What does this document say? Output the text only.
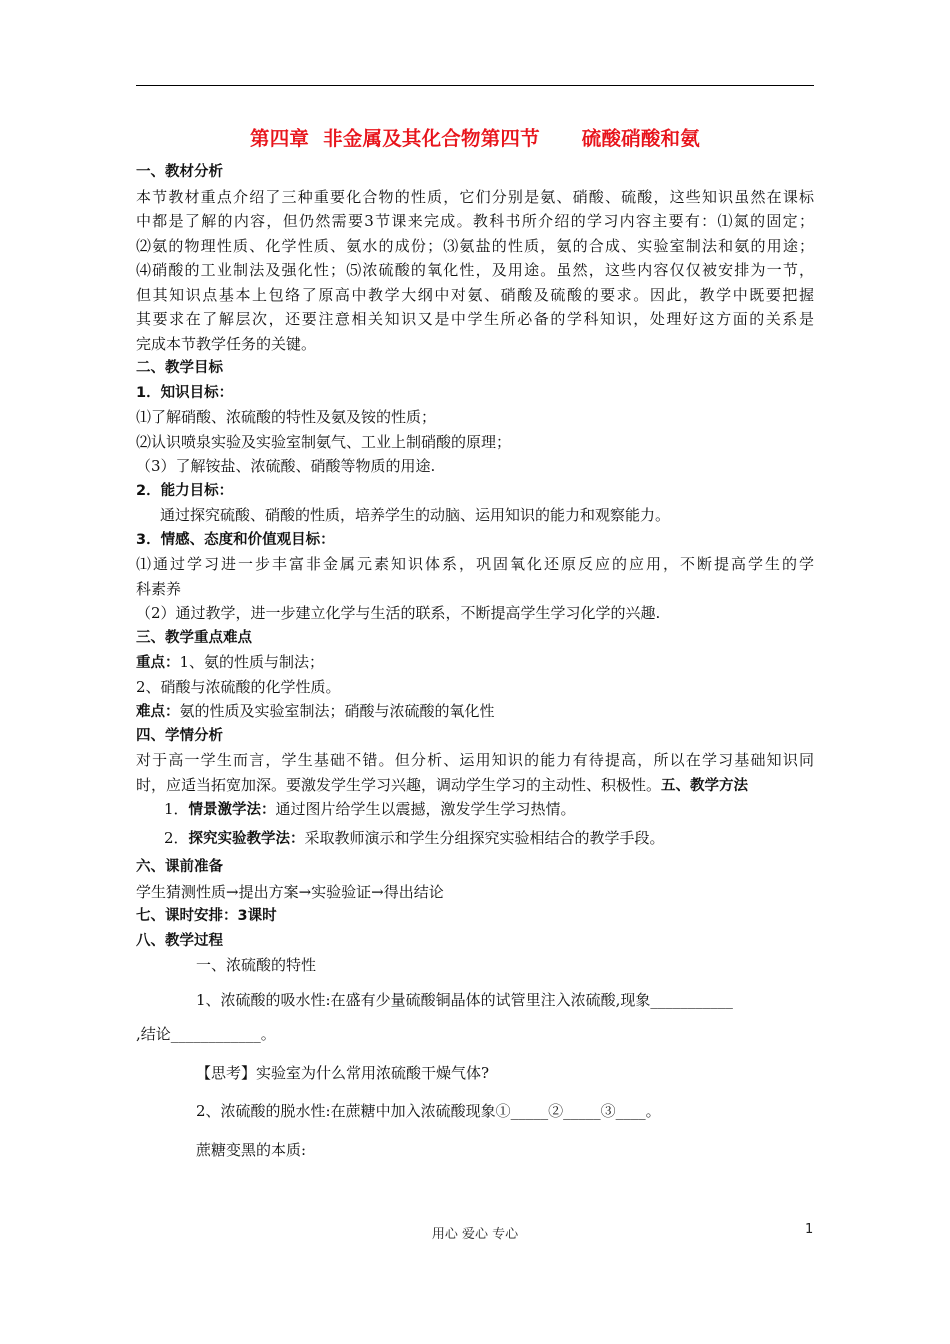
第四章  非金属及其化合物第四节      硫酸硝酸和氨
一、教材分析
本节教材重点介绍了三种重要化合物的性质，它们分别是氨、硝酸、硫酸，这些知识虽然在课标
中都是了解的内容，但仍然需要3节课来完成。教科书所介绍的学习内容主要有：⑴氮的固定；
⑵氨的物理性质、化学性质、氨水的成份；⑶氨盐的性质，氨的合成、实验室制法和氨的用途；
⑷硝酸的工业制法及强化性；⑸浓硫酸的氧化性，及用途。虽然，这些内容仅仅被安排为一节，
但其知识点基本上包络了原高中教学大纲中对氨、硝酸及硫酸的要求。因此，教学中既要把握
其要求在了解层次，还要注意相关知识又是中学生所必备的学科知识，处理好这方面的关系是
完成本节教学任务的关键。
二、教学目标
1．知识目标：
⑴了解硝酸、浓硫酸的特性及氨及铵的性质；
⑵认识喷泉实验及实验室制氨气、工业上制硝酸的原理；
（3）了解铵盐、浓硫酸、硝酸等物质的用途.
2．能力目标：
通过探究硫酸、硝酸的性质，培养学生的动脑、运用知识的能力和观察能力。
3．情感、态度和价值观目标：
⑴通过学习进一步丰富非金属元素知识体系，巩固氧化还原反应的应用，不断提高学生的学
科素养
（2）通过教学，进一步建立化学与生活的联系，不断提高学生学习化学的兴趣.
三、教学重点难点
重点：1、氨的性质与制法；
2、硝酸与浓硫酸的化学性质。
难点：氨的性质及实验室制法；硝酸与浓硫酸的氧化性
四、学情分析
对于高一学生而言，学生基础不错。但分析、运用知识的能力有待提高，所以在学习基础知识同
时，应适当拓宽加深。要激发学生学习兴趣，调动学生学习的主动性、积极性。五、教学方法
1．情景激学法：通过图片给学生以震撼，激发学生学习热情。
2．探究实验教学法：采取教师演示和学生分组探究实验相结合的教学手段。
六、课前准备
学生猜测性质→提出方案→实验验证→得出结论
七、课时安排：3课时
八、教学过程
一、浓硫酸的特性
1、浓硫酸的吸水性:在盛有少量硫酸铜晶体的试管里注入浓硫酸,现象___________
,结论____________。
【思考】实验室为什么常用浓硫酸干燥气体?
2、浓硫酸的脱水性:在蔗糖中加入浓硫酸现象①_____②_____③____。
蔗糖变黑的本质:
用心 爱心 专心	1
